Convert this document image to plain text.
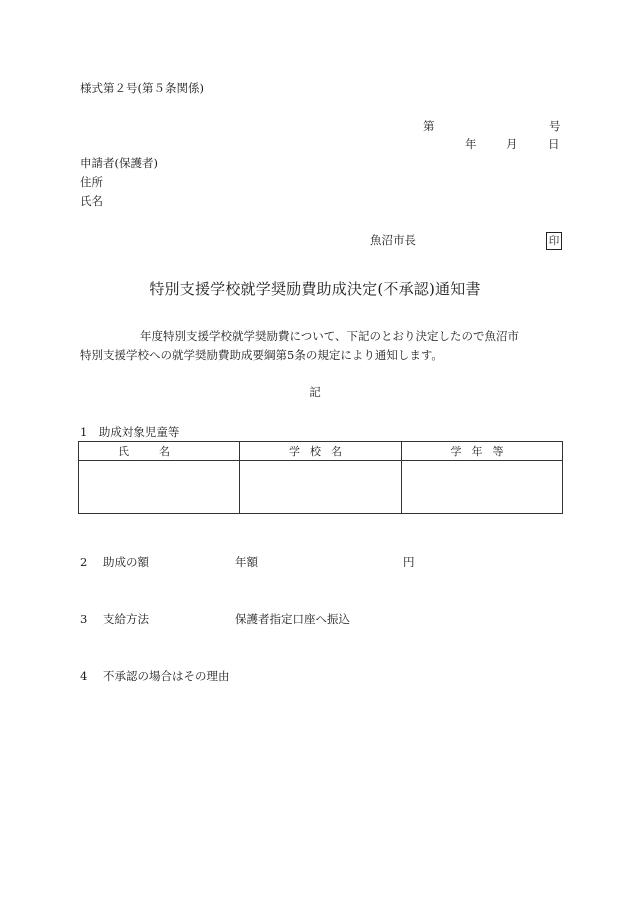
様式第２号(第５条関係)
第	号
年	月	日
申請者(保護者)
住所
氏名
魚沼市長	印
特別支援学校就学奨励費助成決定(不承認)通知書
年度特別支援学校就学奨励費について、下記のとおり決定したので魚沼市
特別支援学校への就学奨励費助成要綱第5条の規定により通知します。
記
1　助成対象児童等
氏名	学校名	学年等

2 助成の額	年額	円
3 支給方法	保護者指定口座へ振込
4 不承認の場合はその理由
